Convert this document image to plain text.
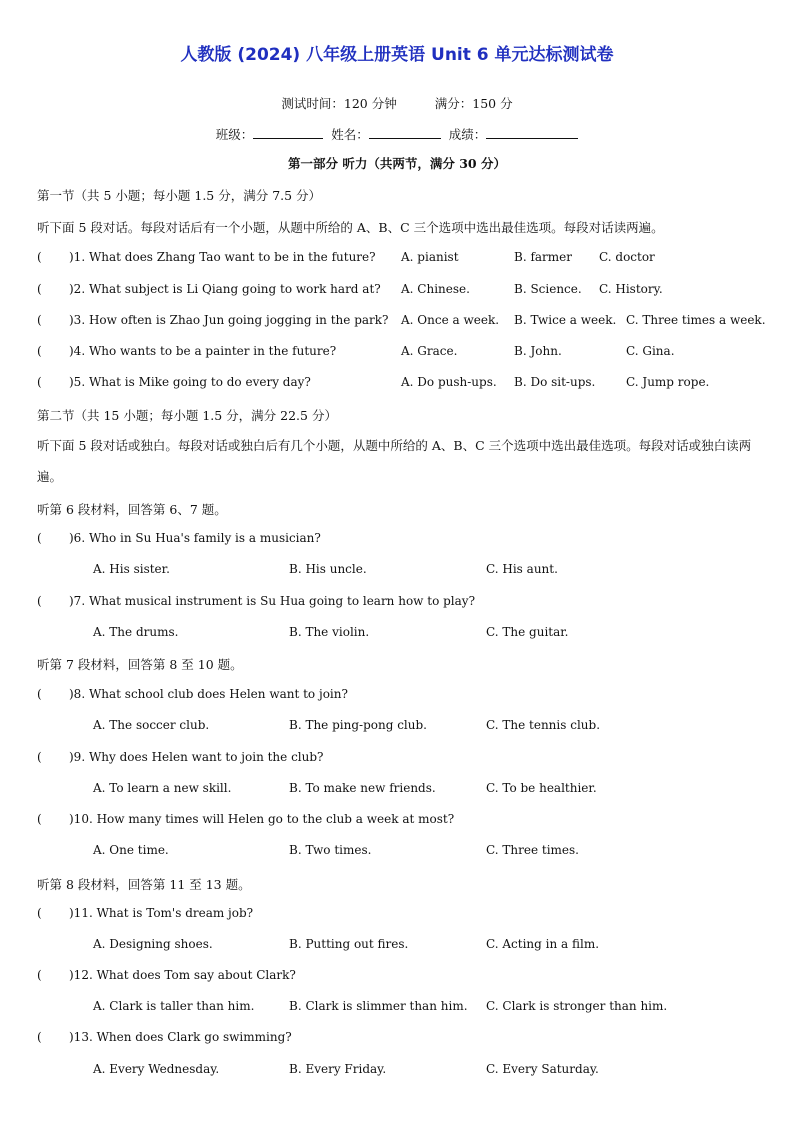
人教版 (2024) 八年级上册英语 Unit 6 单元达标测试卷
测试时间：120 分钟	满分：150 分
班级：	姓名：	成绩：
第一部分 听力（共两节，满分 30 分）
第一节（共 5 小题；每小题 1.5 分，满分 7.5 分）
听下面 5 段对话。每段对话后有一个小题，从题中所给的 A、B、C 三个选项中选出最佳选项。每段对话读两遍。
( )1. What does Zhang Tao want to be in the future? A. pianist	B. farmer C. doctor
( )2. What subject is Li Qiang going to work hard at? A. Chinese.	B. Science. C. History.
( )3. How often is Zhao Jun going jogging in the park? A. Once a week. B. Twice a week. C. Three times a week.
( )4. Who wants to be a painter in the future?	A. Grace.	B. John.	C. Gina.
( )5. What is Mike going to do every day?	A. Do push-ups. B. Do sit-ups.	C. Jump rope.
第二节（共 15 小题；每小题 1.5 分，满分 22.5 分）
听下面 5 段对话或独白。每段对话或独白后有几个小题，从题中所给的 A、B、C 三个选项中选出最佳选项。每段对话或独白读两遍。
听第 6 段材料，回答第 6、7 题。
( )6. Who in Su Hua's family is a musician?
A. His sister.	B. His uncle.	C. His aunt.
( )7. What musical instrument is Su Hua going to learn how to play?
A. The drums.	B. The violin.	C. The guitar.
听第 7 段材料，回答第 8 至 10 题。
( )8. What school club does Helen want to join?
A. The soccer club.	B. The ping-pong club.	C. The tennis club.
( )9. Why does Helen want to join the club?
A. To learn a new skill.	B. To make new friends.	C. To be healthier.
( )10. How many times will Helen go to the club a week at most?
A. One time.	B. Two times.	C. Three times.
听第 8 段材料，回答第 11 至 13 题。
( )11. What is Tom's dream job?
A. Designing shoes.	B. Putting out fires.	C. Acting in a film.
( )12. What does Tom say about Clark?
A. Clark is taller than him.	B. Clark is slimmer than him. C. Clark is stronger than him.
( )13. When does Clark go swimming?
A. Every Wednesday.	B. Every Friday.	C. Every Saturday.
